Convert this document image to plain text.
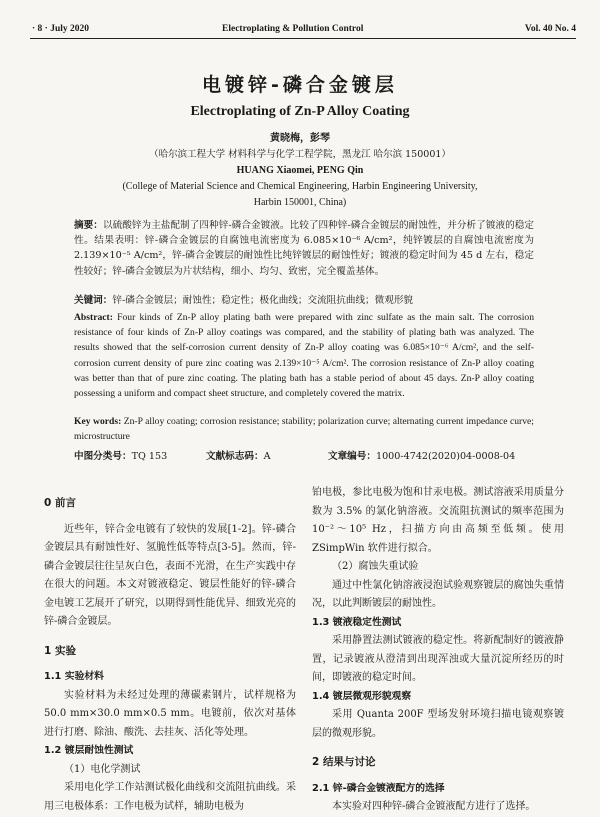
· 8 · July 2020	Electroplating & Pollution Control	Vol. 40 No. 4
电镀锌-磷合金镀层
Electroplating of Zn-P Alloy Coating
黄晓梅，彭琴
（哈尔滨工程大学 材料科学与化学工程学院，黑龙江 哈尔滨 150001）
HUANG Xiaomei, PENG Qin
(College of Material Science and Chemical Engineering, Harbin Engineering University,
Harbin 150001, China)
摘要：以硫酸锌为主盐配制了四种锌-磷合金镀液。比较了四种锌-磷合金镀层的耐蚀性，并分析了镀液的稳定性。结果表明：锌-磷合金镀层的自腐蚀电流密度为 6.085×10⁻⁶ A/cm²，纯锌镀层的自腐蚀电流密度为 2.139×10⁻⁵ A/cm²，锌-磷合金镀层的耐蚀性比纯锌镀层的耐蚀性好；镀液的稳定时间为 45 d 左右，稳定性较好；锌-磷合金镀层为片状结构，细小、均匀、致密，完全覆盖基体。
关键词：锌-磷合金镀层；耐蚀性；稳定性；极化曲线；交流阻抗曲线；微观形貌
Abstract: Four kinds of Zn-P alloy plating bath were prepared with zinc sulfate as the main salt. The corrosion resistance of four kinds of Zn-P alloy coatings was compared, and the stability of plating bath was analyzed. The results showed that the self-corrosion current density of Zn-P alloy coating was 6.085×10⁻⁶ A/cm², and the self-corrosion current density of pure zinc coating was 2.139×10⁻⁵ A/cm². The corrosion resistance of Zn-P alloy coating was better than that of pure zinc coating. The plating bath has a stable period of about 45 days. Zn-P alloy coating possessing a uniform and compact sheet structure, and completely covered the matrix.
Key words: Zn-P alloy coating; corrosion resistance; stability; polarization curve; alternating current impedance curve; microstructure
中图分类号：TQ 153	文献标志码：A	文章编号：1000-4742(2020)04-0008-04
0 前言

近些年，锌合金电镀有了较快的发展[1-2]。锌-磷合金镀层具有耐蚀性好、氢脆性低等特点[3-5]。然而，锌-磷合金镀层往往呈灰白色，表面不光滑，在生产实践中存在很大的问题。本文对镀液稳定、镀层性能好的锌-磷合金电镀工艺展开了研究，以期得到性能优异、细致光亮的锌-磷合金镀层。

1 实验
1.1 实验材料

实验材料为未经过处理的薄碳素钢片，试样规格为 50.0 mm×30.0 mm×0.5 mm。电镀前，依次对基体进行打磨、除油、酸洗、去挂灰、活化等处理。

1.2 镀层耐蚀性测试
（1）电化学测试

采用电化学工作站测试极化曲线和交流阻抗曲线。采用三电极体系：工作电极为试样，辅助电极为

铂电极，参比电极为饱和甘汞电极。测试溶液采用质量分数为 3.5% 的氯化钠溶液。交流阻抗测试的频率范围为 10⁻²～10⁵ Hz，扫描方向由高频至低频。使用 ZSimpWin 软件进行拟合。

（2）腐蚀失重试验

通过中性氯化钠溶液浸泡试验观察镀层的腐蚀失重情况，以此判断镀层的耐蚀性。

1.3 镀液稳定性测试

采用静置法测试镀液的稳定性。将新配制好的镀液静置，记录镀液从澄清到出现浑浊或大量沉淀所经历的时间，即镀液的稳定时间。

1.4 镀层微观形貌观察

采用 Quanta 200F 型场发射环境扫描电镜观察镀层的微观形貌。

2 结果与讨论
2.1 锌-磷合金镀液配方的选择

本实验对四种锌-磷合金镀液配方进行了选择。
